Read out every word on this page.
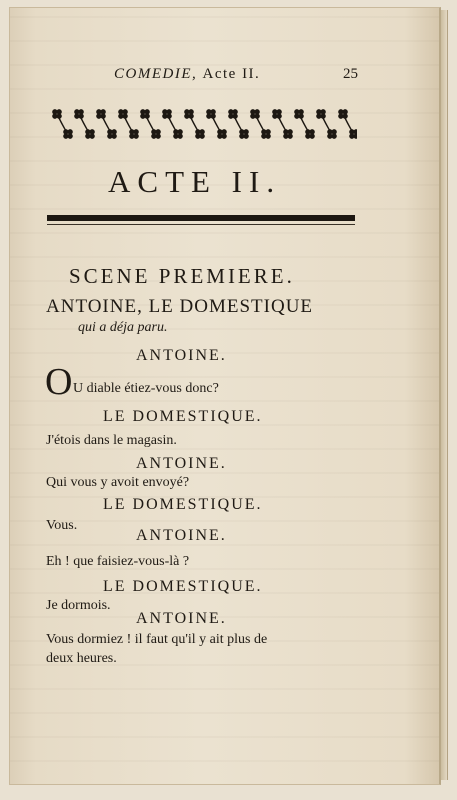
COMEDIE, Acte II.	25
ACTE II.
SCENE PREMIERE.
ANTOINE, LE DOMESTIQUE
qui a déja paru.
ANTOINE.
O U diable étiez-vous donc?
LE DOMESTIQUE.
J'étois dans le magasin.
ANTOINE.
Qui vous y avoit envoyé?
LE DOMESTIQUE.
Vous.
ANTOINE.
Eh ! que faisiez-vous-là ?
LE DOMESTIQUE.
Je dormois.
ANTOINE.
Vous dormiez ! il faut qu'il y ait plus de
deux heures.
